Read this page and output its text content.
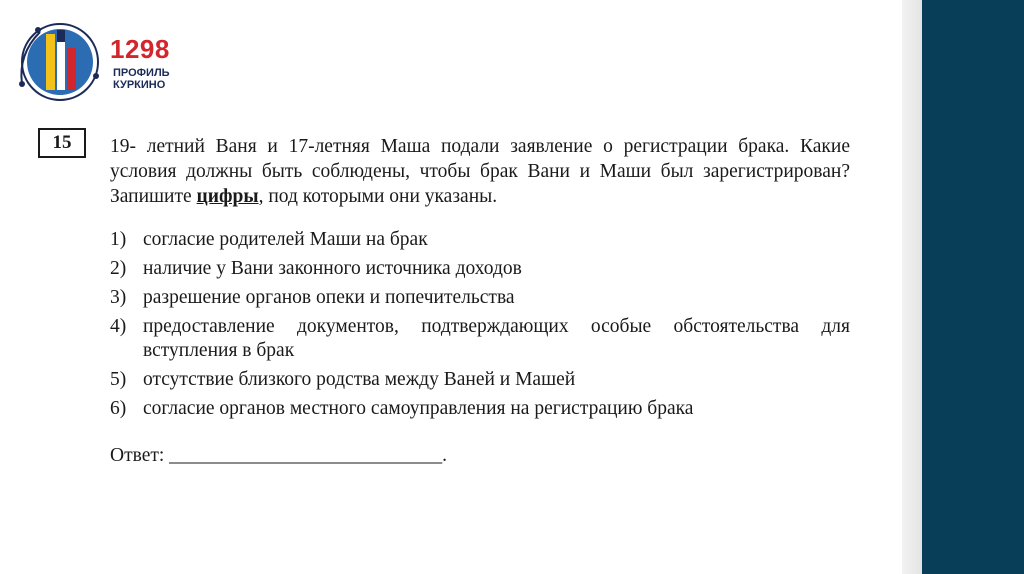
1298
ПРОФИЛЬ
КУРКИНО
15	19- летний Ваня и 17-летняя Маша подали заявление о регистрации брака. Какие условия должны быть соблюдены, чтобы брак Вани и Маши был зарегистрирован? Запишите цифры, под которыми они указаны.
1) согласие родителей Маши на брак
2) наличие у Вани законного источника доходов
3) разрешение органов опеки и попечительства
4) предоставление документов, подтверждающих особые обстоятельства для вступления в брак
5) отсутствие близкого родства между Ваней и Машей
6) согласие органов местного самоуправления на регистрацию брака
Ответ: ____________________________.
